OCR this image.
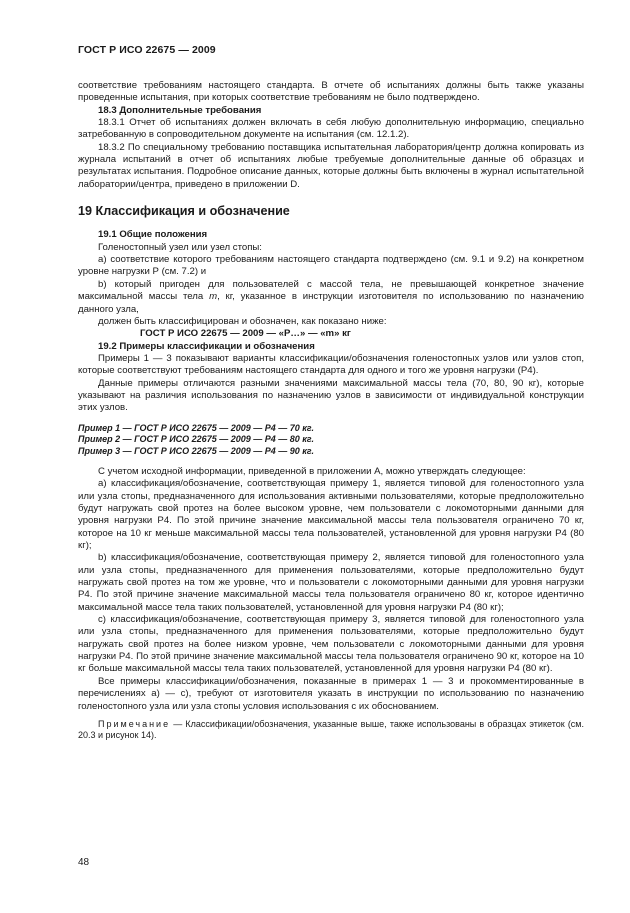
ГОСТ Р ИСО 22675 — 2009

соответствие требованиям настоящего стандарта. В отчете об испытаниях должны быть также указаны проведенные испытания, при которых соответствие требованиям не было подтверждено.

18.3 Дополнительные требования

18.3.1 Отчет об испытаниях должен включать в себя любую дополнительную информацию, специально затребованную в сопроводительном документе на испытания (см. 12.1.2).

18.3.2 По специальному требованию поставщика испытательная лаборатория/центр должна копировать из журнала испытаний в отчет об испытаниях любые требуемые дополнительные данные об образцах и результатах испытания. Подробное описание данных, которые должны быть включены в журнал испытательной лаборатории/центра, приведено в приложении D.

19 Классификация и обозначение

19.1 Общие положения

Голеностопный узел или узел стопы:

a) соответствие которого требованиям настоящего стандарта подтверждено (см. 9.1 и 9.2) на конкретном уровне нагрузки Р (см. 7.2) и

b) который пригоден для пользователей с массой тела, не превышающей конкретное значение максимальной массы тела m, кг, указанное в инструкции изготовителя по использованию по назначению данного узла,

должен быть классифицирован и обозначен, как показано ниже:

ГОСТ Р ИСО 22675 — 2009 — «Р…» — «m» кг

19.2 Примеры классификации и обозначения

Примеры 1 — 3 показывают варианты классификации/обозначения голеностопных узлов или узлов стоп, которые соответствуют требованиям настоящего стандарта для одного и того же уровня нагрузки (Р4).

Данные примеры отличаются разными значениями максимальной массы тела (70, 80, 90 кг), которые указывают на различия использования по назначению узлов в зависимости от индивидуальной конструкции этих узлов.

Пример 1 — ГОСТ Р ИСО 22675 — 2009 — Р4 — 70 кг.

Пример 2 — ГОСТ Р ИСО 22675 — 2009 — Р4 — 80 кг.

Пример 3 — ГОСТ Р ИСО 22675 — 2009 — Р4 — 90 кг.

С учетом исходной информации, приведенной в приложении А, можно утверждать следующее:

a) классификация/обозначение, соответствующая примеру 1, является типовой для голеностопного узла или узла стопы, предназначенного для использования активными пользователями, которые предположительно будут нагружать свой протез на более высоком уровне, чем пользователи с локомоторными данными для уровня нагрузки Р4. По этой причине значение максимальной массы тела пользователя ограничено 70 кг, которое на 10 кг меньше максимальной массы тела пользователей, установленной для уровня нагрузки Р4 (80 кг);

b) классификация/обозначение, соответствующая примеру 2, является типовой для голеностопного узла или узла стопы, предназначенного для применения пользователями, которые предположительно будут нагружать свой протез на том же уровне, что и пользователи с локомоторными данными для уровня нагрузки Р4. По этой причине значение максимальной массы тела пользователя ограничено 80 кг, которое идентично максимальной массе тела таких пользователей, установленной для уровня нагрузки Р4 (80 кг);

c) классификация/обозначение, соответствующая примеру 3, является типовой для голеностопного узла или узла стопы, предназначенного для применения пользователями, которые предположительно будут нагружать свой протез на более низком уровне, чем пользователи с локомоторными данными для уровня нагрузки Р4. По этой причине значение максимальной массы тела пользователя ограничено 90 кг, которое на 10 кг больше максимальной массы тела таких пользователей, установленной для уровня нагрузки Р4 (80 кг).

Все примеры классификации/обозначения, показанные в примерах 1 — 3 и прокомментированные в перечислениях а) — с), требуют от изготовителя указать в инструкции по использованию по назначению голеностопного узла или узла стопы условия использования с их обоснованием.

Примечание — Классификации/обозначения, указанные выше, также использованы в образцах этикеток (см. 20.3 и рисунок 14).

48
